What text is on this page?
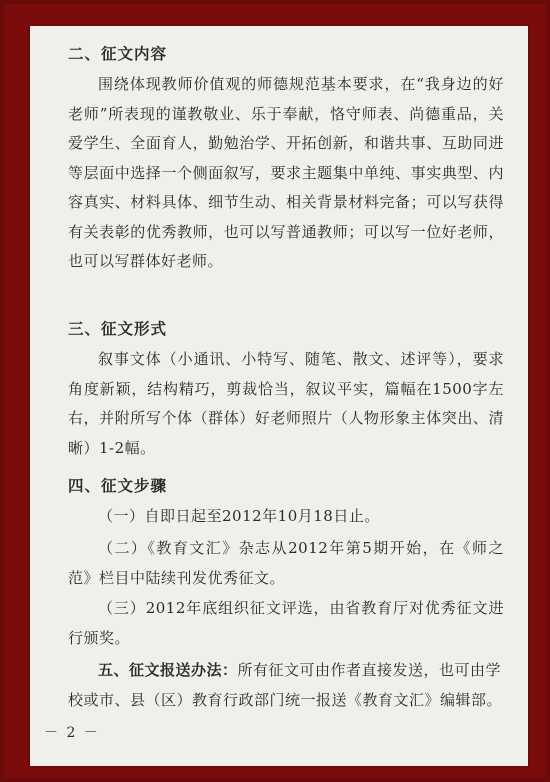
二、征文内容

围绕体现教师价值观的师德规范基本要求，在“我身边的好老师”所表现的谨教敬业、乐于奉献，恪守师表、尚德重品，关爱学生、全面育人，勤勉治学、开拓创新，和谐共事、互助同进等层面中选择一个侧面叙写，要求主题集中单纯、事实典型、内容真实、材料具体、细节生动、相关背景材料完备；可以写获得有关表彰的优秀教师，也可以写普通教师；可以写一位好老师，也可以写群体好老师。

三、征文形式

叙事文体（小通讯、小特写、随笔、散文、述评等），要求角度新颖，结构精巧，剪裁恰当，叙议平实，篇幅在1500字左右，并附所写个体（群体）好老师照片（人物形象主体突出、清晰）1-2幅。

四、征文步骤

（一）自即日起至2012年10月18日止。

（二）《教育文汇》杂志从2012年第5期开始，在《师之范》栏目中陆续刊发优秀征文。

（三）2012年底组织征文评选，由省教育厅对优秀征文进行颁奖。

五、征文报送办法：所有征文可由作者直接发送，也可由学校或市、县（区）教育行政部门统一报送《教育文汇》编辑部。

－ 2 －
